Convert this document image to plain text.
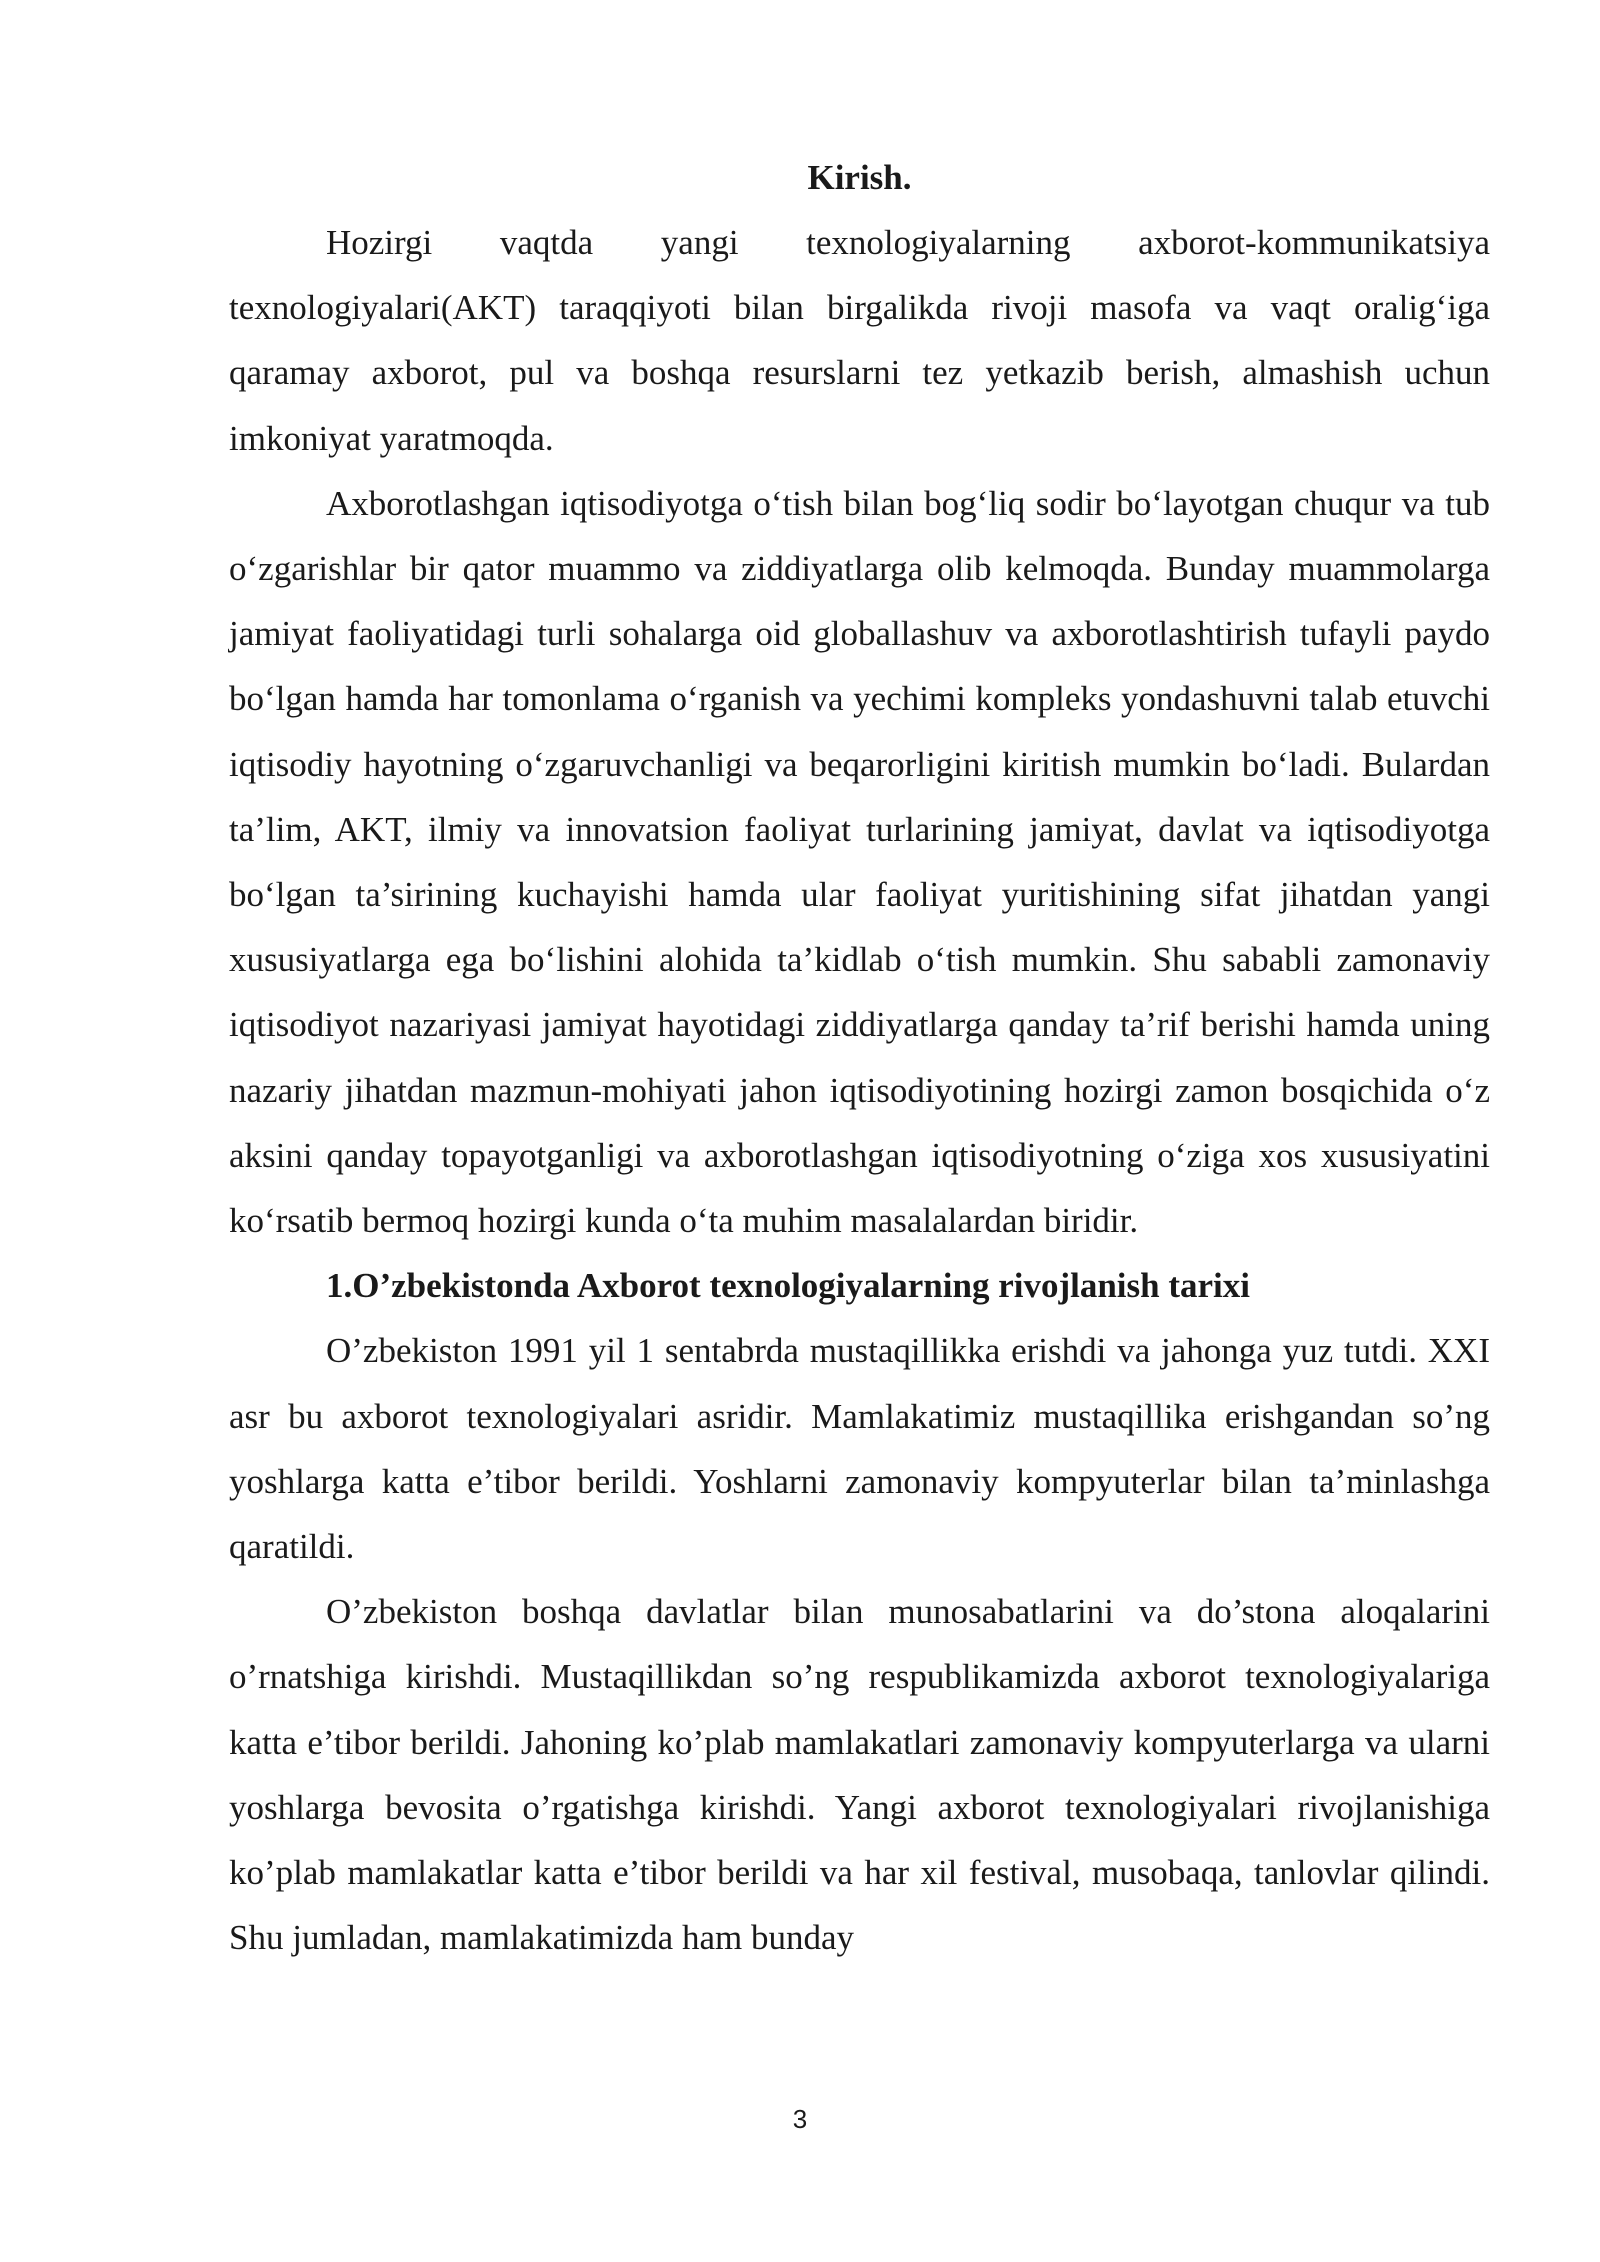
Kirish.

Hozirgi vaqtda yangi texnologiyalarning axborot-kommunikatsiya texnologiyalari(AKT) taraqqiyoti bilan birgalikda rivoji masofa va vaqt oralig‘iga qaramay axborot, pul va boshqa resurslarni tez yetkazib berish, almashish uchun imkoniyat yaratmoqda.

Axborotlashgan iqtisodiyotga o‘tish bilan bog‘liq sodir bo‘layotgan chuqur va tub o‘zgarishlar bir qator muammo va ziddiyatlarga olib kelmoqda. Bunday muammolarga jamiyat faoliyatidagi turli sohalarga oid globallashuv va axborotlashtirish tufayli paydo bo‘lgan hamda har tomonlama o‘rganish va yechimi kompleks yondashuvni talab etuvchi iqtisodiy hayotning o‘zgaruvchanligi va beqarorligini kiritish mumkin bo‘ladi. Bulardan ta’lim, AKT, ilmiy va innovatsion faoliyat turlarining jamiyat, davlat va iqtisodiyotga bo‘lgan ta’sirining kuchayishi hamda ular faoliyat yuritishining sifat jihatdan yangi xususiyatlarga ega bo‘lishini alohida ta’kidlab o‘tish mumkin. Shu sababli zamonaviy iqtisodiyot nazariyasi jamiyat hayotidagi ziddiyatlarga qanday ta’rif berishi hamda uning nazariy jihatdan mazmun-mohiyati jahon iqtisodiyotining hozirgi zamon bosqichida o‘z aksini qanday topayotganligi va axborotlashgan iqtisodiyotning o‘ziga xos xususiyatini ko‘rsatib bermoq hozirgi kunda o‘ta muhim masalalardan biridir.

1.O’zbekistonda Axborot texnologiyalarning rivojlanish tarixi

O’zbekiston 1991 yil 1 sentabrda mustaqillikka erishdi va jahonga yuz tutdi. XXI asr bu axborot texnologiyalari asridir. Mamlakatimiz mustaqillika erishgandan so’ng yoshlarga katta e’tibor berildi. Yoshlarni zamonaviy kompyuterlar bilan ta’minlashga qaratildi.

O’zbekiston boshqa davlatlar bilan munosabatlarini va do’stona aloqalarini o’rnatshiga kirishdi. Mustaqillikdan so’ng respublikamizda axborot texnologiyalariga katta e’tibor berildi. Jahoning ko’plab mamlakatlari zamonaviy kompyuterlarga va ularni yoshlarga bevosita o’rgatishga kirishdi. Yangi axborot texnologiyalari rivojlanishiga ko’plab mamlakatlar katta e’tibor berildi va har xil festival, musobaqa, tanlovlar qilindi. Shu jumladan, mamlakatimizda ham bunday

3
